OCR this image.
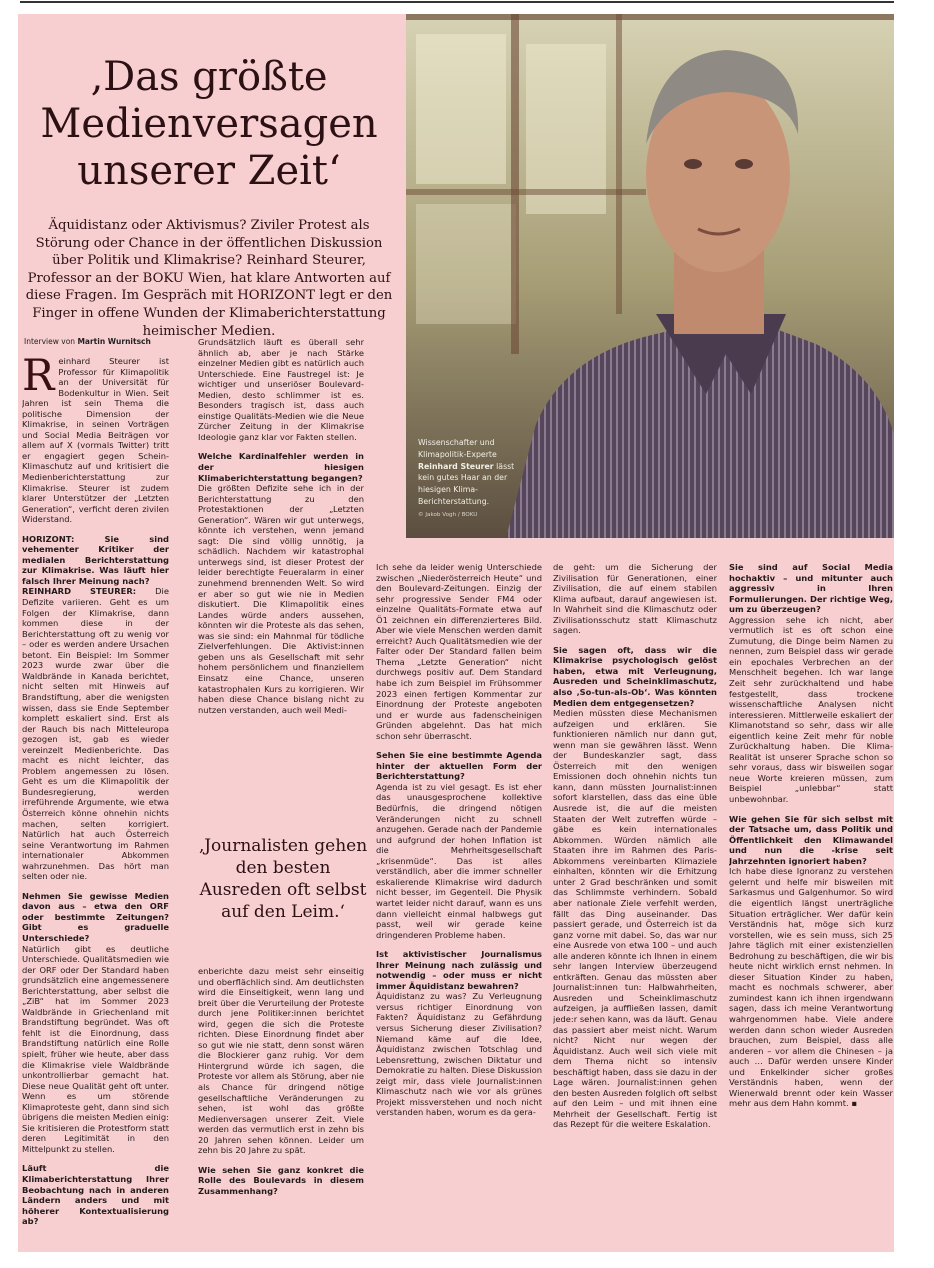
‚Das größte Medienversagen unserer Zeit‘

Äquidistanz oder Aktivismus? Ziviler Protest als Störung oder Chance in der öffentlichen Diskussion über Politik und Klimakrise? Reinhard Steurer, Professor an der BOKU Wien, hat klare Antworten auf diese Fragen. Im Gespräch mit HORIZONT legt er den Finger in offene Wunden der Klimaberichterstattung heimischer Medien.

Interview von Martin Wurnitsch
Wissenschafter und Klimapolitik-Experte Reinhard Steurer lässt kein gutes Haar an der hiesigen Klima-Berichterstattung.
© Jakob Vogh / BOKU

Reinhard Steurer ist Professor für Klimapolitik an der Universität für Bodenkultur in Wien. Seit Jahren ist sein Thema die politische Dimension der Klimakrise, in seinen Vorträgen und Social Media Beiträgen vor allem auf X (vormals Twitter) tritt er engagiert gegen Schein-Klimaschutz auf und kritisiert die Medienberichterstattung zur Klimakrise. Steurer ist zudem klarer Unterstützer der „Letzten Generation“, verficht deren zivilen Widerstand.

HORIZONT: Sie sind vehementer Kritiker der medialen Berichterstattung zur Klimakrise. Was läuft hier falsch Ihrer Meinung nach?

REINHARD STEURER: Die Defizite variieren. Geht es um Folgen der Klimakrise, dann kommen diese in der Berichterstattung oft zu wenig vor – oder es werden andere Ursachen betont. Ein Beispiel: Im Sommer 2023 wurde zwar über die Waldbrände in Kanada berichtet, nicht selten mit Hinweis auf Brandstiftung, aber die wenigsten wissen, dass sie Ende September komplett eskaliert sind. Erst als der Rauch bis nach Mitteleuropa gezogen ist, gab es wieder vereinzelt Medienberichte. Das macht es nicht leichter, das Problem angemessen zu lösen. Geht es um die Klimapolitik der Bundesregierung, werden irreführende Argumente, wie etwa Österreich könne ohnehin nichts machen, selten korrigiert. Natürlich hat auch Österreich seine Verantwortung im Rahmen internationaler Abkommen wahrzunehmen. Das hört man selten oder nie.

Nehmen Sie gewisse Medien davon aus – etwa den ORF oder bestimmte Zeitungen? Gibt es graduelle Unterschiede?

Natürlich gibt es deutliche Unterschiede. Qualitätsmedien wie der ORF oder Der Standard haben grundsätzlich eine angemessenere Berichterstattung, aber selbst die „ZiB“ hat im Sommer 2023 Waldbrände in Griechenland mit Brandstiftung begründet. Was oft fehlt ist die Einordnung, dass Brandstiftung natürlich eine Rolle spielt, früher wie heute, aber dass die Klimakrise viele Waldbrände unkontrollierbar gemacht hat. Diese neue Qualität geht oft unter. Wenn es um störende Klimaproteste geht, dann sind sich übrigens die meisten Medien einig: Sie kritisieren die Protestform statt deren Legitimität in den Mittelpunkt zu stellen.

Läuft die Klimaberichterstattung Ihrer Beobachtung nach in anderen Ländern anders und mit höherer Kontextualisierung ab?

Grundsätzlich läuft es überall sehr ähnlich ab, aber je nach Stärke einzelner Medien gibt es natürlich auch Unterschiede. Eine Faustregel ist: Je wichtiger und unseriöser Boulevard-Medien, desto schlimmer ist es. Besonders tragisch ist, dass auch einstige Qualitäts-Medien wie die Neue Zürcher Zeitung in der Klimakrise Ideologie ganz klar vor Fakten stellen.

Welche Kardinalfehler werden in der hiesigen Klimaberichterstattung begangen?

Die größten Defizite sehe ich in der Berichterstattung zu den Protestaktionen der „Letzten Generation“. Wären wir gut unterwegs, könnte ich verstehen, wenn jemand sagt: Die sind völlig unnötig, ja schädlich. Nachdem wir katastrophal unterwegs sind, ist dieser Protest der leider berechtigte Feueralarm in einer zunehmend brennenden Welt. So wird er aber so gut wie nie in Medien diskutiert. Die Klimapolitik eines Landes würde anders aussehen, könnten wir die Proteste als das sehen, was sie sind: ein Mahnmal für tödliche Zielverfehlungen. Die Aktivist:innen geben uns als Gesellschaft mit sehr hohem persönlichem und finanziellem Einsatz eine Chance, unseren katastrophalen Kurs zu korrigieren. Wir haben diese Chance bislang nicht zu nutzen verstanden, auch weil Medi-

‚Journalisten gehen den besten Ausreden oft selbst auf den Leim.‘

enberichte dazu meist sehr einseitig und oberflächlich sind. Am deutlichsten wird die Einseitigkeit, wenn lang und breit über die Verurteilung der Proteste durch jene Politiker:innen berichtet wird, gegen die sich die Proteste richten. Diese Einordnung findet aber so gut wie nie statt, denn sonst wären die Blockierer ganz ruhig. Vor dem Hintergrund würde ich sagen, die Proteste vor allem als Störung, aber nie als Chance für dringend nötige gesellschaftliche Veränderungen zu sehen, ist wohl das größte Medienversagen unserer Zeit. Viele werden das vermutlich erst in zehn bis 20 Jahren sehen können. Leider um zehn bis 20 Jahre zu spät.

Wie sehen Sie ganz konkret die Rolle des Boulevards in diesem Zusammenhang?

Ich sehe da leider wenig Unterschiede zwischen „Niederösterreich Heute“ und den Boulevard-Zeitungen. Einzig der sehr progressive Sender FM4 oder einzelne Qualitäts-Formate etwa auf Ö1 zeichnen ein differenzierteres Bild. Aber wie viele Menschen werden damit erreicht? Auch Qualitätsmedien wie der Falter oder Der Standard fallen beim Thema „Letzte Generation“ nicht durchwegs positiv auf. Dem Standard habe ich zum Beispiel im Frühsommer 2023 einen fertigen Kommentar zur Einordnung der Proteste angeboten und er wurde aus fadenscheinigen Gründen abgelehnt. Das hat mich schon sehr überrascht.

Sehen Sie eine bestimmte Agenda hinter der aktuellen Form der Berichterstattung?

Agenda ist zu viel gesagt. Es ist eher das unausgesprochene kollektive Bedürfnis, die dringend nötigen Veränderungen nicht zu schnell anzugehen. Gerade nach der Pandemie und aufgrund der hohen Inflation ist die Mehrheitsgesellschaft „krisenmüde“. Das ist alles verständlich, aber die immer schneller eskalierende Klimakrise wird dadurch nicht besser, im Gegenteil. Die Physik wartet leider nicht darauf, wann es uns dann vielleicht einmal halbwegs gut passt, weil wir gerade keine dringenderen Probleme haben.

Ist aktivistischer Journalismus Ihrer Meinung nach zulässig und notwendig – oder muss er nicht immer Äquidistanz bewahren?

Äquidistanz zu was? Zu Verleugnung versus richtiger Einordnung von Fakten? Äquidistanz zu Gefährdung versus Sicherung dieser Zivilisation? Niemand käme auf die Idee, Äquidistanz zwischen Totschlag und Lebensrettung, zwischen Diktatur und Demokratie zu halten. Diese Diskussion zeigt mir, dass viele Journalist:innen Klimaschutz nach wie vor als grünes Projekt missverstehen und noch nicht verstanden haben, worum es da gera-

de geht: um die Sicherung der Zivilisation für Generationen, einer Zivilisation, die auf einem stabilen Klima aufbaut, darauf angewiesen ist. In Wahrheit sind die Klimaschutz oder Zivilisationsschutz statt Klimaschutz sagen.

Sie sagen oft, dass wir die Klimakrise psychologisch gelöst haben, etwa mit Verleugnung, Ausreden und Scheinklimaschutz, also ‚So-tun-als-Ob‘. Was könnten Medien dem entgegensetzen?

Medien müssten diese Mechanismen aufzeigen und erklären. Sie funktionieren nämlich nur dann gut, wenn man sie gewähren lässt. Wenn der Bundeskanzler sagt, dass Österreich mit den wenigen Emissionen doch ohnehin nichts tun kann, dann müssten Journalist:innen sofort klarstellen, dass das eine üble Ausrede ist, die auf die meisten Staaten der Welt zutreffen würde – gäbe es kein internationales Abkommen. Würden nämlich alle Staaten ihre im Rahmen des Paris-Abkommens vereinbarten Klimaziele einhalten, könnten wir die Erhitzung unter 2 Grad beschränken und somit das Schlimmste verhindern. Sobald aber nationale Ziele verfehlt werden, fällt das Ding auseinander. Das passiert gerade, und Österreich ist da ganz vorne mit dabei. So, das war nur eine Ausrede von etwa 100 – und auch alle anderen könnte ich Ihnen in einem sehr langen Interview überzeugend entkräften. Genau das müssten aber Journalist:innen tun: Halbwahrheiten, Ausreden und Scheinklimaschutz aufzeigen, ja auffließen lassen, damit jede:r sehen kann, was da läuft. Genau das passiert aber meist nicht. Warum nicht? Nicht nur wegen der Äquidistanz. Auch weil sich viele mit dem Thema nicht so intensiv beschäftigt haben, dass sie dazu in der Lage wären. Journalist:innen gehen den besten Ausreden folglich oft selbst auf den Leim – und mit ihnen eine Mehrheit der Gesellschaft. Fertig ist das Rezept für die weitere Eskalation.

Sie sind auf Social Media hochaktiv – und mitunter auch aggressiv in Ihren Formulierungen. Der richtige Weg, um zu überzeugen?

Aggression sehe ich nicht, aber vermutlich ist es oft schon eine Zumutung, die Dinge beim Namen zu nennen, zum Beispiel dass wir gerade ein epochales Verbrechen an der Menschheit begehen. Ich war lange Zeit sehr zurückhaltend und habe festgestellt, dass trockene wissenschaftliche Analysen nicht interessieren. Mittlerweile eskaliert der Klimanotstand so sehr, dass wir alle eigentlich keine Zeit mehr für noble Zurückhaltung haben. Die Klima-Realität ist unserer Sprache schon so sehr voraus, dass wir bisweilen sogar neue Worte kreieren müssen, zum Beispiel „unlebbar“ statt unbewohnbar.

Wie gehen Sie für sich selbst mit der Tatsache um, dass Politik und Öffentlichkeit den Klimawandel und nun die -krise seit Jahrzehnten ignoriert haben?

Ich habe diese Ignoranz zu verstehen gelernt und helfe mir bisweilen mit Sarkasmus und Galgenhumor. So wird die eigentlich längst unerträgliche Situation erträglicher. Wer dafür kein Verständnis hat, möge sich kurz vorstellen, wie es sein muss, sich 25 Jahre täglich mit einer existenziellen Bedrohung zu beschäftigen, die wir bis heute nicht wirklich ernst nehmen. In dieser Situation Kinder zu haben, macht es nochmals schwerer, aber zumindest kann ich ihnen irgendwann sagen, dass ich meine Verantwortung wahrgenommen habe. Viele andere werden dann schon wieder Ausreden brauchen, zum Beispiel, dass alle anderen – vor allem die Chinesen – ja auch … Dafür werden unsere Kinder und Enkelkinder sicher großes Verständnis haben, wenn der Wienerwald brennt oder kein Wasser mehr aus dem Hahn kommt. ▪
